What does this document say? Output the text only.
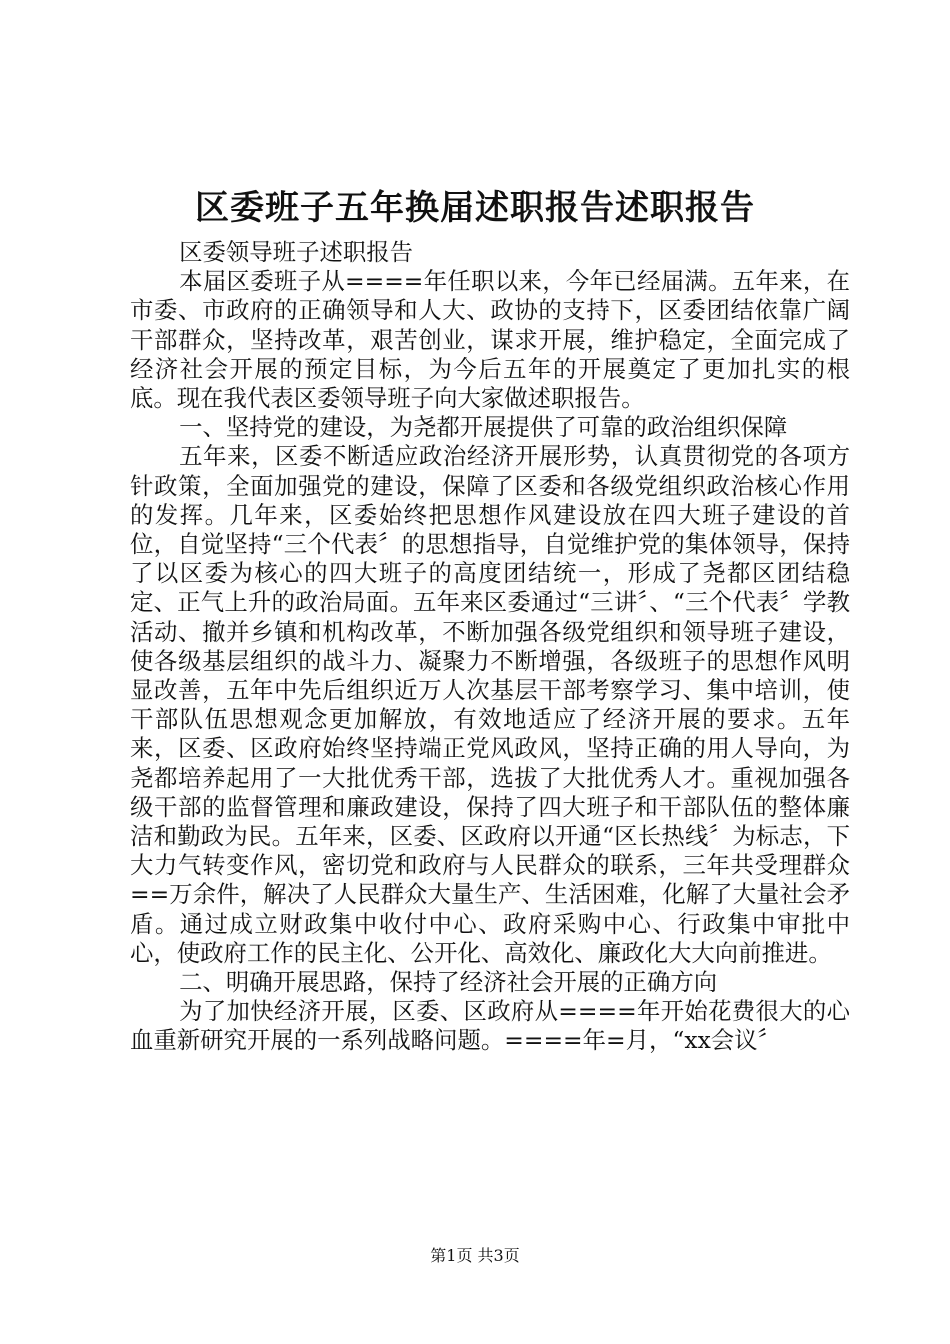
区委班子五年换届述职报告述职报告

区委领导班子述职报告

本届区委班子从====年任职以来，今年已经届满。五年来，在市委、市政府的正确领导和人大、政协的支持下，区委团结依靠广阔干部群众，坚持改革，艰苦创业，谋求开展，维护稳定，全面完成了经济社会开展的预定目标，为今后五年的开展奠定了更加扎实的根底。现在我代表区委领导班子向大家做述职报告。

一、坚持党的建设，为尧都开展提供了可靠的政治组织保障

五年来，区委不断适应政治经济开展形势，认真贯彻党的各项方针政策，全面加强党的建设，保障了区委和各级党组织政治核心作用的发挥。几年来，区委始终把思想作风建设放在四大班子建设的首位，自觉坚持“三个代表〞的思想指导，自觉维护党的集体领导，保持了以区委为核心的四大班子的高度团结统一，形成了尧都区团结稳定、正气上升的政治局面。五年来区委通过“三讲〞、“三个代表〞学教活动、撤并乡镇和机构改革，不断加强各级党组织和领导班子建设，使各级基层组织的战斗力、凝聚力不断增强，各级班子的思想作风明显改善，五年中先后组织近万人次基层干部考察学习、集中培训，使干部队伍思想观念更加解放，有效地适应了经济开展的要求。五年来，区委、区政府始终坚持端正党风政风，坚持正确的用人导向，为尧都培养起用了一大批优秀干部，选拔了大批优秀人才。重视加强各级干部的监督管理和廉政建设，保持了四大班子和干部队伍的整体廉洁和勤政为民。五年来，区委、区政府以开通“区长热线〞为标志，下大力气转变作风，密切党和政府与人民群众的联系，三年共受理群众　　==万余件，解决了人民群众大量生产、生活困难，化解了大量社会矛盾。通过成立财政集中收付中心、政府采购中心、行政集中审批中心，使政府工作的民主化、公开化、高效化、廉政化大大向前推进。

二、明确开展思路，保持了经济社会开展的正确方向

为了加快经济开展，区委、区政府从====年开始花费很大的心血重新研究开展的一系列战略问题。====年=月，“xx会议〞

第1页 共3页
